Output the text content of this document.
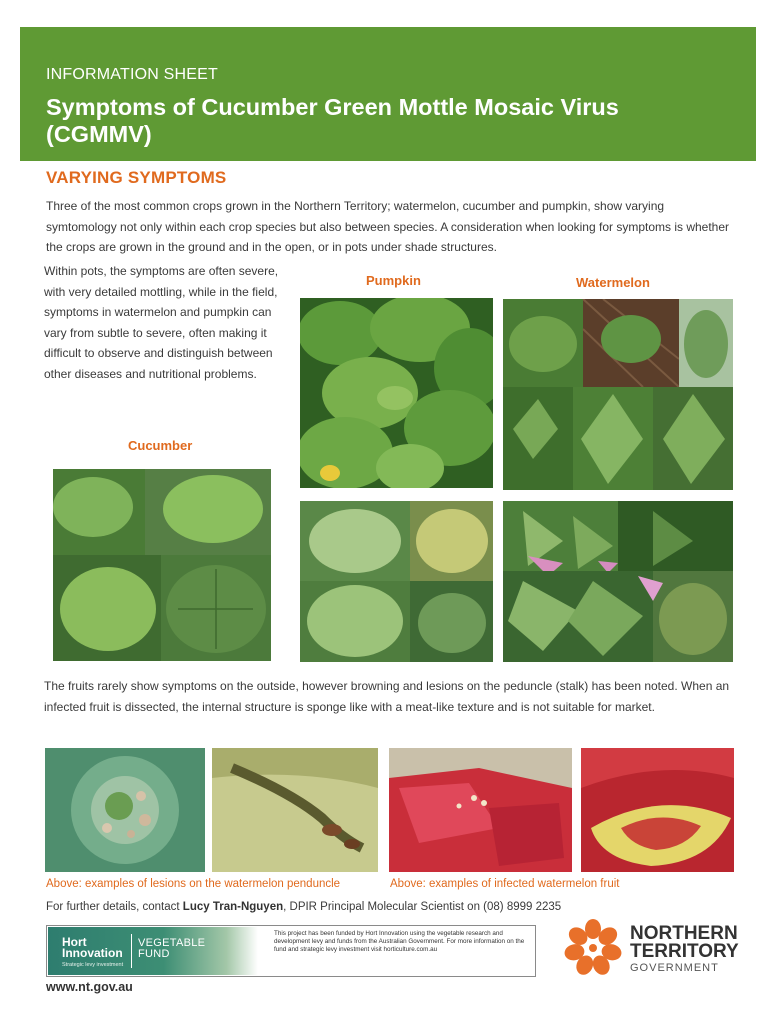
INFORMATION SHEET
Symptoms of Cucumber Green Mottle Mosaic Virus (CGMMV)
VARYING SYMPTOMS

Three of the most common crops grown in the Northern Territory; watermelon, cucumber and pumpkin, show varying symtomology not only within each crop species but also between species. A consideration when looking for symptoms is whether the crops are grown in the ground and in the open, or in pots under shade structures.

Within pots, the symptoms are often severe, with very detailed mottling, while in the field, symptoms in watermelon and pumpkin can vary from subtle to severe, often making it difficult to observe and distinguish between other diseases and nutritional problems.

Pumpkin	Watermelon
Cucumber

The fruits rarely show symptoms on the outside, however browning and lesions on the peduncle (stalk) has been noted. When an infected fruit is dissected, the internal structure is sponge like with a meat-like texture and is not suitable for market.

Above: examples of lesions on the watermelon penduncle	Above: examples of infected watermelon fruit
For further details, contact Lucy Tran-Nguyen, DPIR Principal Molecular Scientist on (08) 8999 2235
Hort
Innovation
Strategic levy investment
VEGETABLE
FUND
This project has been funded by Hort Innovation using the vegetable research and development levy and funds from the Australian Government. For more information on the fund and strategic levy investment visit horticulture.com.au
NORTHERN
TERRITORY
GOVERNMENT
www.nt.gov.au
